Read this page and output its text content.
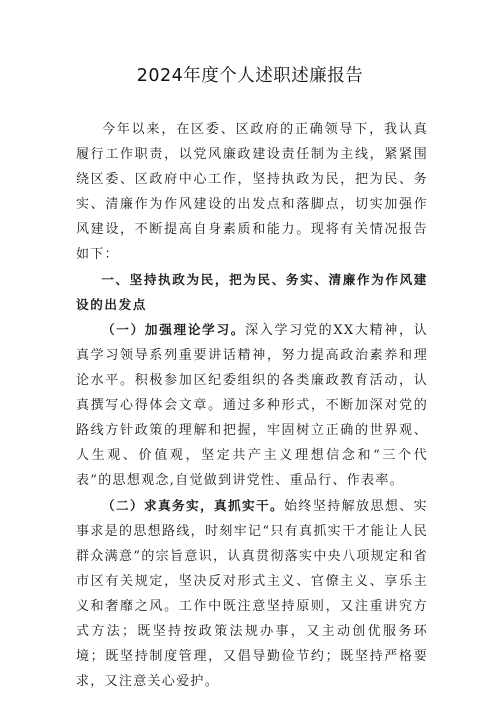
2024年度个人述职述廉报告

今年以来，在区委、区政府的正确领导下，我认真履行工作职责，以党风廉政建设责任制为主线，紧紧围绕区委、区政府中心工作，坚持执政为民，把为民、务实、清廉作为作风建设的出发点和落脚点，切实加强作风建设，不断提高自身素质和能力。现将有关情况报告如下：

一、坚持执政为民，把为民、务实、清廉作为作风建设的出发点

（一）加强理论学习。深入学习党的XX大精神，认真学习领导系列重要讲话精神，努力提高政治素养和理论水平。积极参加区纪委组织的各类廉政教育活动，认真撰写心得体会文章。通过多种形式，不断加深对党的路线方针政策的理解和把握，牢固树立正确的世界观、人生观、价值观，坚定共产主义理想信念和“三个代表”的思想观念,自觉做到讲党性、重品行、作表率。

（二）求真务实，真抓实干。始终坚持解放思想、实事求是的思想路线，时刻牢记“只有真抓实干才能让人民群众满意”的宗旨意识，认真贯彻落实中央八项规定和省市区有关规定，坚决反对形式主义、官僚主义、享乐主义和奢靡之风。工作中既注意坚持原则，又注重讲究方式方法；既坚持按政策法规办事，又主动创优服务环境；既坚持制度管理，又倡导勤俭节约；既坚持严格要求，又注意关心爱护。
